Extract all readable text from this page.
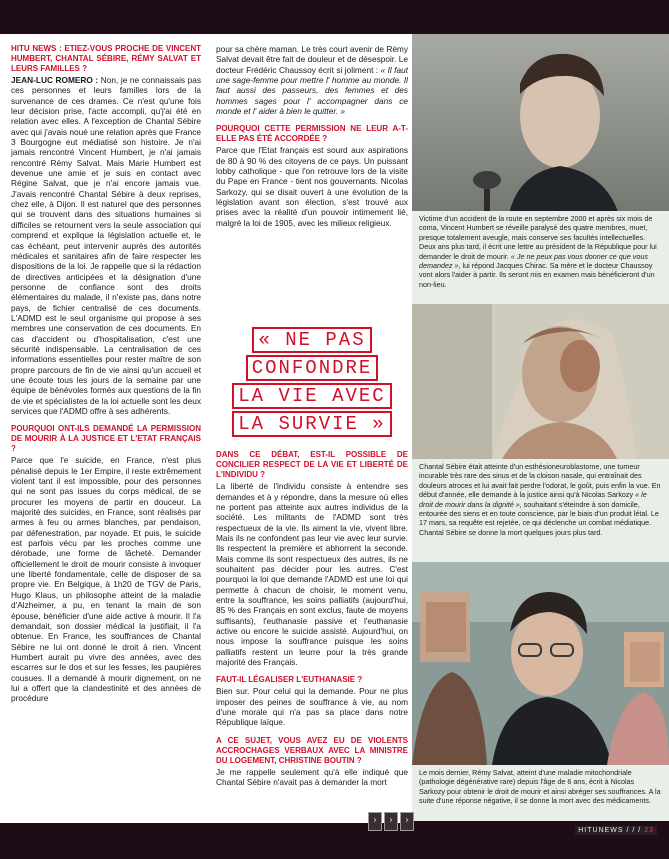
HITU NEWS : ETIEZ-VOUS PROCHE DE VINCENT HUMBERT, CHANTAL SÉBIRE, RÉMY SALVAT ET LEURS FAMILLES ?

JEAN-LUC ROMERO : Non, je ne connaissais pas ces personnes et leurs familles lors de la survenance de ces drames. Ce n'est qu'une fois leur décision prise, l'acte accompli, qu'j'ai été en relation avec elles. A l'exception de Chantal Sébire avec qui j'avais noué une relation après que France 3 Bourgogne eut médiatisé son histoire. Je n'ai jamais rencontré Vincent Humbert, je n'ai jamais rencontré Rémy Salvat. Mais Marie Humbert est devenue une amie et je suis en contact avec Régine Salvat, que je n'ai encore jamais vue. J'avais rencontré Chantal Sébire à deux reprises, chez elle, à Dijon. Il est naturel que des personnes qui se trouvent dans des situations humaines si difficiles se retournent vers la seule association qui comprend et explique la législation actuelle et, le cas échéant, peut intervenir auprès des autorités médicales et sanitaires afin de faire respecter les dispositions de la loi. Je rappelle que si la rédaction de directives anticipées et la désignation d'une personne de confiance sont des droits élémentaires du malade, il n'existe pas, dans notre pays, de fichier centralisé de ces documents. L'ADMD est le seul organisme qui propose à ses membres une conservation de ces documents. En cas d'accident ou d'hospitalisation, c'est une sécurité indispensable. La centralisation de ces informations essentielles pour rester maître de son propre parcours de fin de vie ainsi qu'un accueil et une écoute tous les jours de la semaine par une équipe de bénévoles formés aux questions de la fin de vie et spécialistes de la loi actuelle sont les deux services que l'ADMD offre à ses adhérents.

POURQUOI ONT-ILS DEMANDÉ LA PERMISSION DE MOURIR À LA JUSTICE ET L'ETAT FRANÇAIS ?

Parce que l'e suicide, en France, n'est plus pénalisé depuis le 1er Empire, il reste extrêmement violent tant il est impossible, pour des personnes qui ne sont pas issues du corps médical, de se procurer les moyens de partir en douceur. La majorité des suicides, en France, sont réalisés par armes à feu ou armes blanches, par pendaison, par défenestration, par noyade. Et puis, le suicide est parfois vécu par les proches comme une dérobade, une forme de lâcheté. Demander officiellement le droit de mourir consiste à invoquer une liberté fondamentale, celle de disposer de sa propre vie. En Belgique, à 1h20 de TGV de Paris, Hugo Klaus, un philosophe atteint de la maladie d'Alzheimer, a pu, en tenant la main de son épouse, bénéficier d'une aide active à mourir. Il l'a demandait, son dossier médical la justifiait, il l'a obtenue. En France, les souffrances de Chantal Sébire ne lui ont donné le droit à rien. Vincent Humbert aurait pu vivre des années, avec des escarres sur le dos et sur les fesses, les paupières cousues. Il a demandé à mourir dignement, on ne lui a offert que la clandestinité et des années de procédure

pour sa chère maman. Le très court avenir de Rémy Salvat devait être fait de douleur et de désespoir. Le docteur Frédéric Chaussoy écrit si joliment : « Il faut une sage-femme pour mettre l' homme au monde. Il faut aussi des passeurs, des femmes et des hommes sages pour l' accompagner dans ce monde et l' aider à bien le quitter. »

POURQUOI CETTE PERMISSION NE LEUR A-T-ELLE PAS ÉTÉ ACCORDÉE ?

Parce que l'Etat français est sourd aux aspirations de 80 à 90 % des citoyens de ce pays. Un puissant lobby catholique - que l'on retrouve lors de la visite du Pape en France - tient nos gouvernants. Nicolas Sarkozy, qui se disait ouvert à une évolution de la législation avant son élection, s'est trouvé aux prises avec la réalité d'un pouvoir intimement lié, malgré la loi de 1905, avec les milieux religieux.

« NE PAS
CONFONDRE
LA VIE AVEC
LA SURVIE »
DANS CE DÉBAT, EST-IL POSSIBLE DE CONCILIER RESPECT DE LA VIE ET LIBERTÉ DE L'INDIVIDU ?

La liberté de l'individu consiste à entendre ses demandes et à y répondre, dans la mesure où elles ne portent pas atteinte aux autres individus de la société. Les militants de l'ADMD sont très respectueux de la vie. Ils aiment la vie, vivent libre. Mais ils ne confondent pas leur vie avec leur survie. Ils respectent la première et abhorrent la seconde. Mais comme ils sont respectueux des autres, ils ne souhaitent pas décider pour les autres. C'est pourquoi la loi que demande l'ADMD est une loi qui permette à chacun de choisir, le moment venu, entre la souffrance, les soins palliatifs (aujourd'hui, 85 % des Français en sont exclus, faute de moyens suffisants), l'euthanasie passive et l'euthanasie active ou encore le suicide assisté. Aujourd'hui, on nous impose la souffrance puisque les soins palliatifs restent un leurre pour la très grande majorité des Français.

FAUT-IL LÉGALISER L'EUTHANASIE ?

Bien sur. Pour celui qui la demande. Pour ne plus imposer des peines de souffrance à vie, au nom d'une morale qui n'a pas sa place dans notre République laïque.

A CE SUJET, VOUS AVEZ EU DE VIOLENTS ACCROCHAGES VERBAUX AVEC LA MINISTRE DU LOGEMENT, CHRISTINE BOUTIN ?

Je me rappelle seulement qu'à elle indiqué que Chantal Sébire n'avait pas à demander la mort

Victime d'un accident de la route en septembre 2000 et après six mois de coma, Vincent Humbert se réveille paralysé des quatre membres, muet, presque totalement aveugle, mais conserve ses facultés intellectuelles. Deux ans plus tard, il écrit une lettre au président de la République pour lui demander le droit de mourir. « Je ne peux pas vous donner ce que vous demandez », lui répond Jacques Chirac. Sa mère et le docteur Chaussoy vont alors l'aider à partir. Ils seront mis en examen mais bénéficieront d'un non-lieu.
Chantal Sébire était atteinte d'un esthésioneuroblastome, une tumeur incurable très rare des sinus et de la cloison nasale, qui entraînait des douleurs atroces et lui avait fait perdre l'odorat, le goût, puis enfin la vue. En début d'année, elle demande à la justice ainsi qu'à Nicolas Sarkozy « le droit de mourir dans la dignité », souhaitant s'éteindre à son domicile, entourée des siens et en toute conscience, par le biais d'un produit létal. Le 17 mars, sa requête est rejetée, ce qui déclenche un combat médiatique. Chantal Sébire se donne la mort quelques jours plus tard.
Le mois dernier, Rémy Salvat, atteint d'une maladie mitochondriale (pathologie dégénérative rare) depuis l'âge de 6 ans, écrit à Nicolas Sarkozy pour obtenir le droit de mourir et ainsi abréger ses souffrances. A la suite d'une réponse négative, il se donne la mort avec des médicaments.
›	›	›
HITUNEWS / / / 23
